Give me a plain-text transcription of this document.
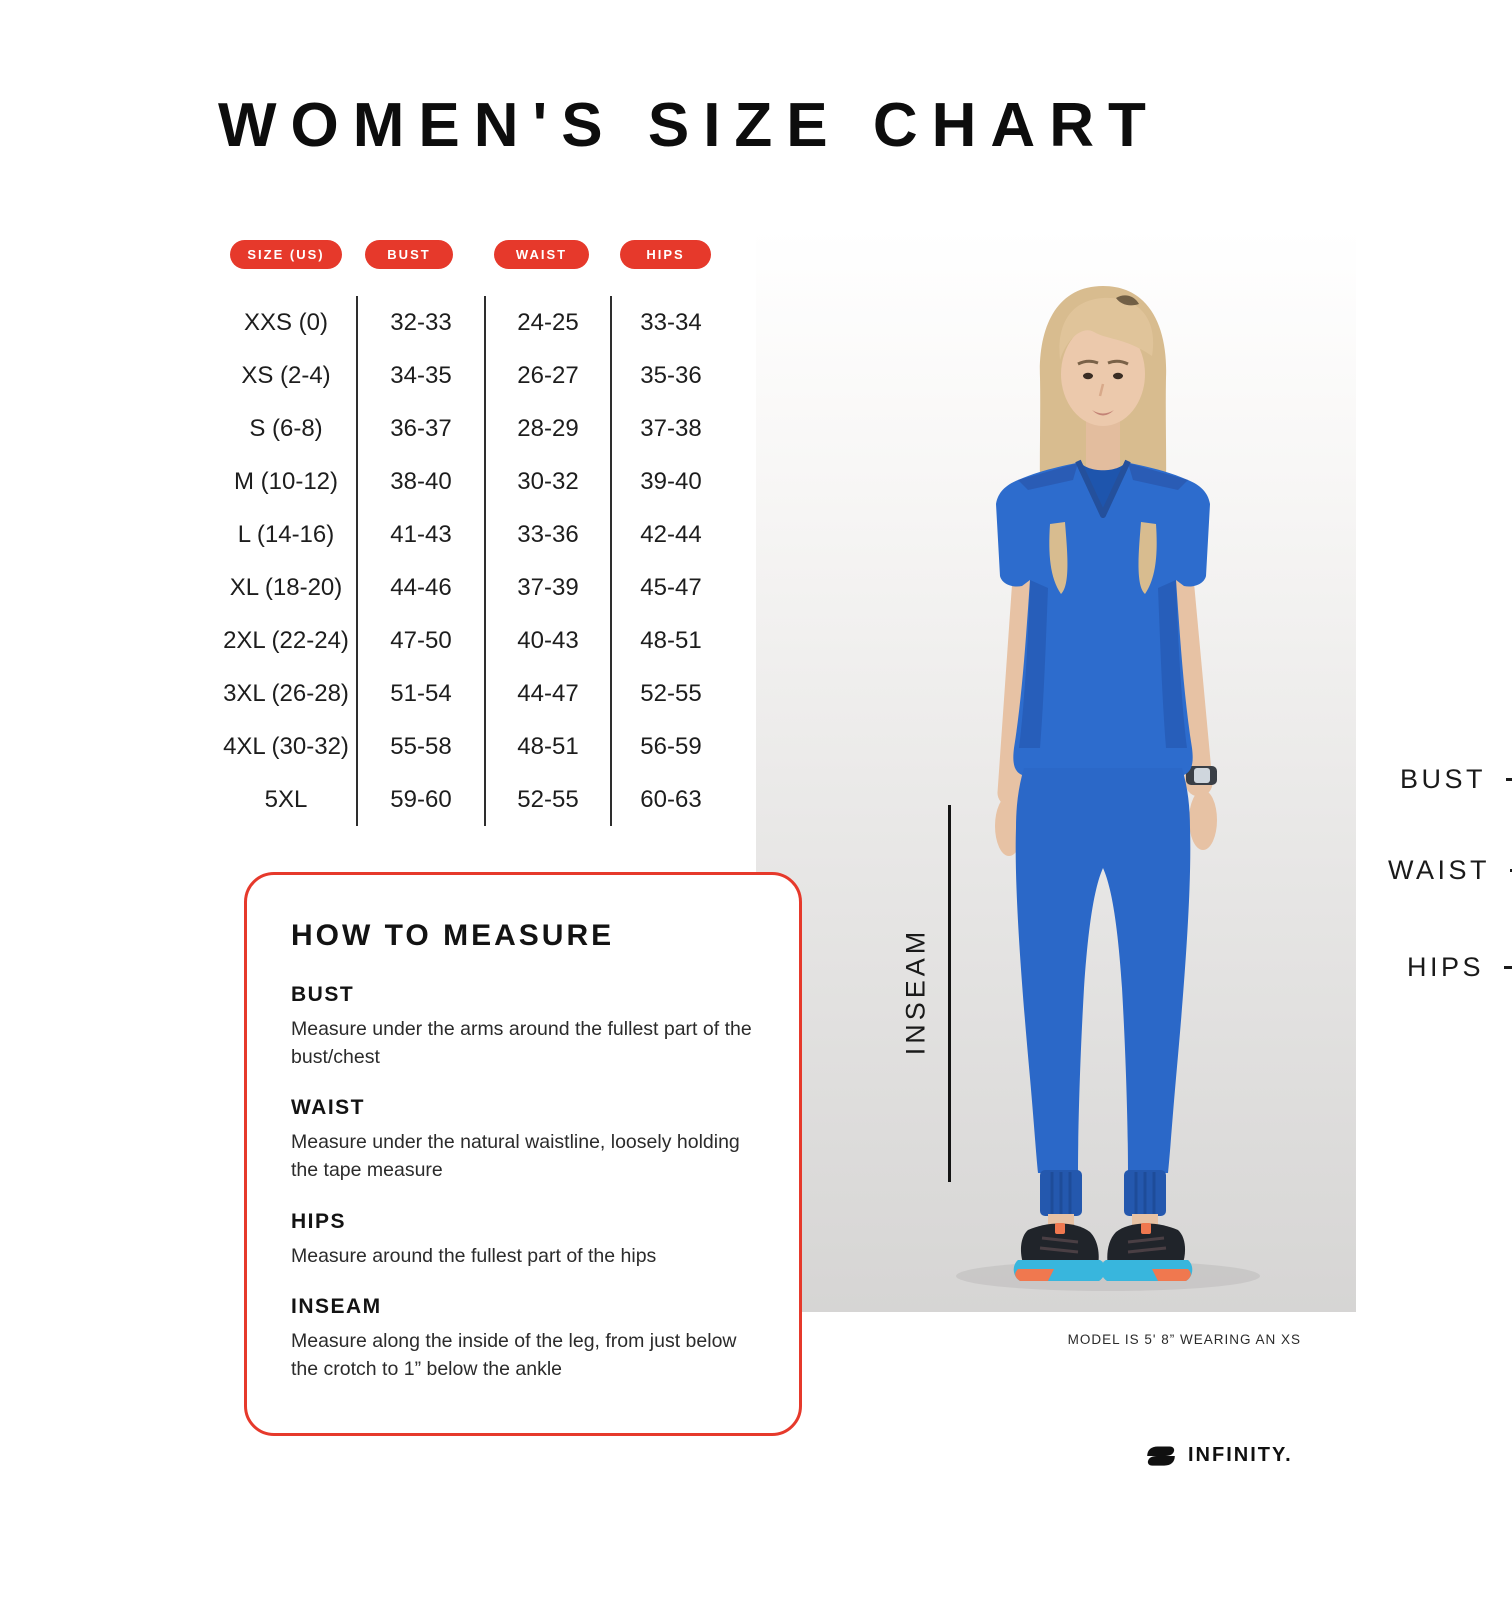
WOMEN'S SIZE CHART
SIZE (US)	BUST	WAIST	HIPS
XXS (0)	32-33	24-25	33-34
XS (2-4)	34-35	26-27	35-36
S (6-8)	36-37	28-29	37-38
M (10-12)	38-40	30-32	39-40
L (14-16)	41-43	33-36	42-44
XL (18-20)	44-46	37-39	45-47
2XL (22-24)	47-50	40-43	48-51
3XL (26-28)	51-54	44-47	52-55
4XL (30-32)	55-58	48-51	56-59
5XL	59-60	52-55	60-63
BUST
WAIST
HIPS
INSEAM
MODEL IS 5' 8” WEARING AN XS
HOW TO MEASURE
BUST
Measure under the arms around the fullest part of the bust/chest
WAIST
Measure under the natural waistline, loosely holding the tape measure
HIPS
Measure around the fullest part of the hips
INSEAM
Measure along the inside of the leg, from just below the crotch to 1” below the ankle
INFINITY.
